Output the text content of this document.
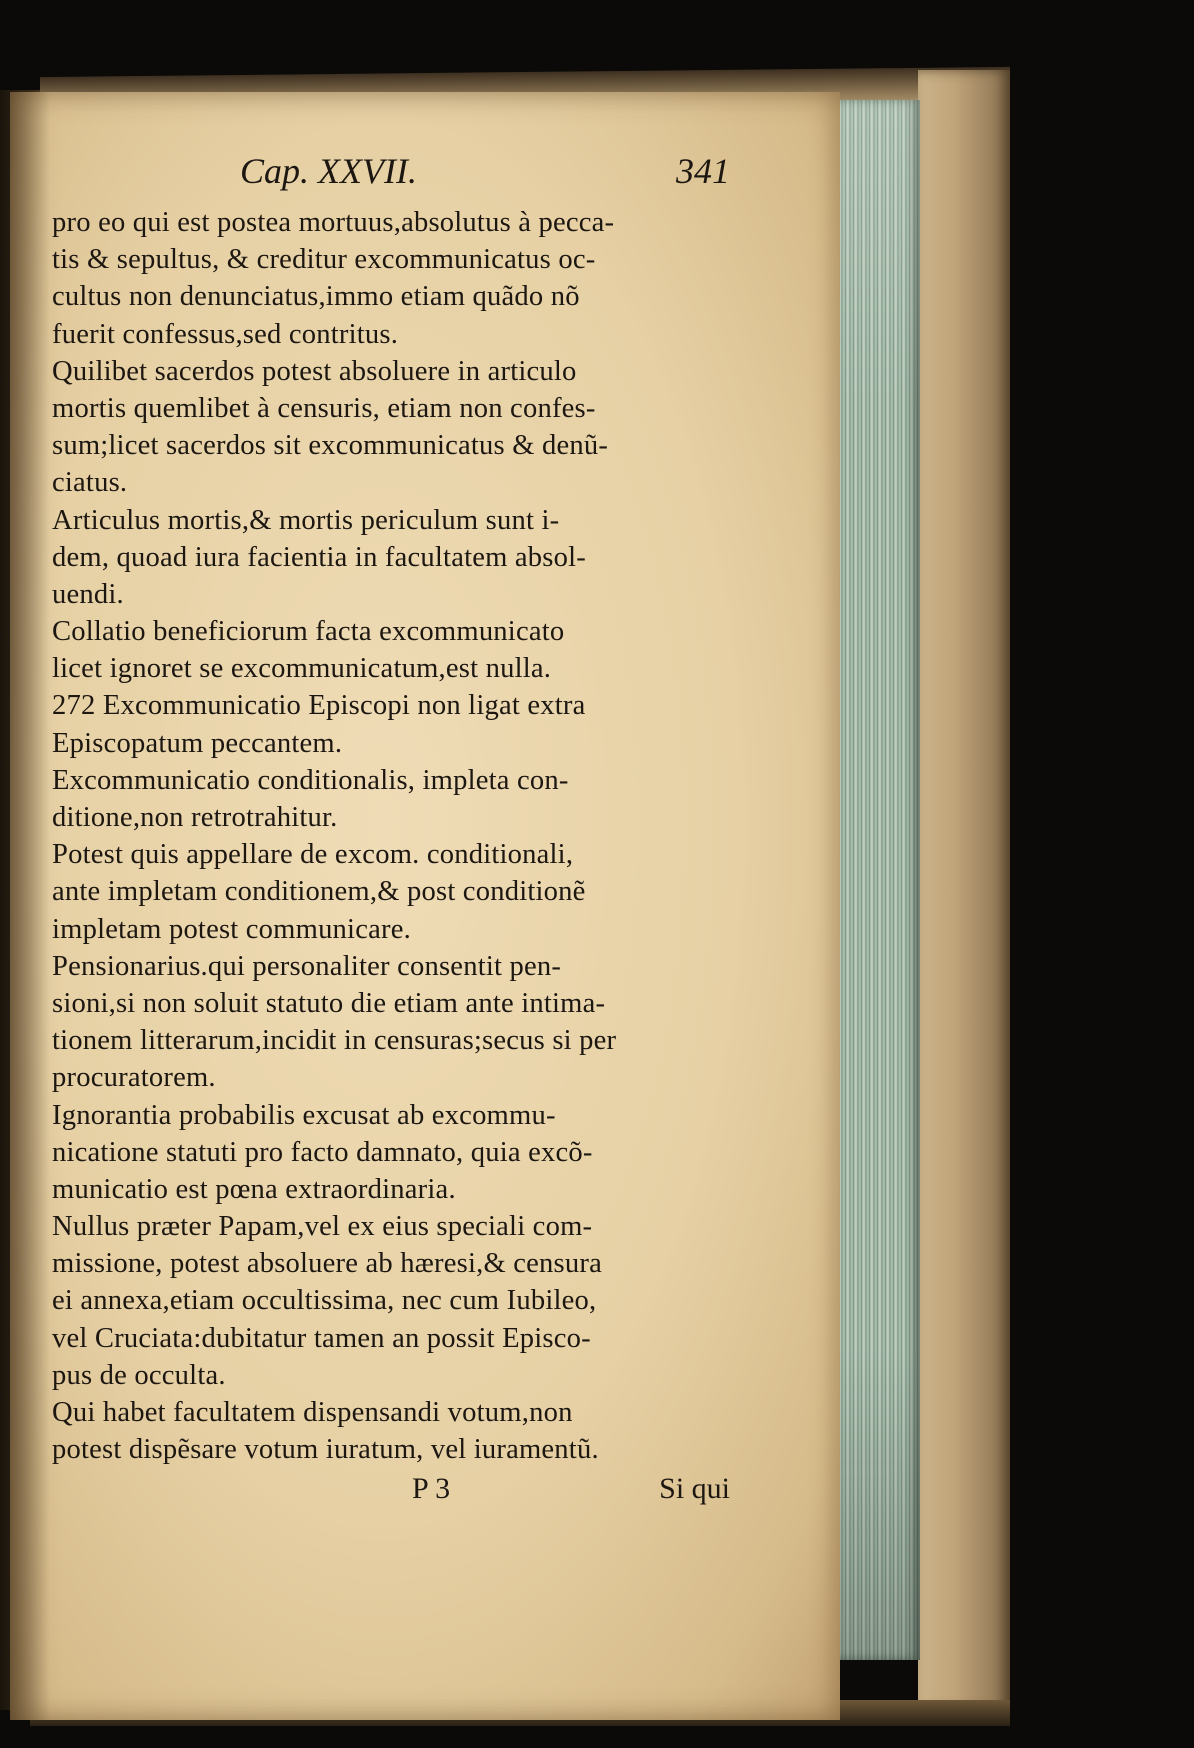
Cap. XXVII.	341
pro eo qui est postea mortuus,absolutus à pecca-
tis & sepultus, & creditur excommunicatus oc-
cultus non denunciatus,immo etiam quãdo nõ
fuerit confessus,sed contritus.
Quilibet sacerdos potest absoluere in articulo
mortis quemlibet à censuris, etiam non confes-
sum;licet sacerdos sit excommunicatus & denũ-
ciatus.
Articulus mortis,& mortis periculum sunt i-
dem, quoad iura facientia in facultatem absol-
uendi.
Collatio beneficiorum facta excommunicato
licet ignoret se excommunicatum,est nulla.
272 Excommunicatio Episcopi non ligat extra
Episcopatum peccantem.
Excommunicatio conditionalis, impleta con-
ditione,non retrotrahitur.
Potest quis appellare de excom. conditionali,
ante impletam conditionem,& post conditionẽ
impletam potest communicare.
Pensionarius.qui personaliter consentit pen-
sioni,si non soluit statuto die etiam ante intima-
tionem litterarum,incidit in censuras;secus si per
procuratorem.
Ignorantia probabilis excusat ab excommu-
nicatione statuti pro facto damnato, quia excõ-
municatio est pœna extraordinaria.
Nullus præter Papam,vel ex eius speciali com-
missione, potest absoluere ab hæresi,& censura
ei annexa,etiam occultissima, nec cum Iubileo,
vel Cruciata:dubitatur tamen an possit Episco-
pus de occulta.
Qui habet facultatem dispensandi votum,non
potest dispẽsare votum iuratum, vel iuramentũ.
P 3	Si qui
